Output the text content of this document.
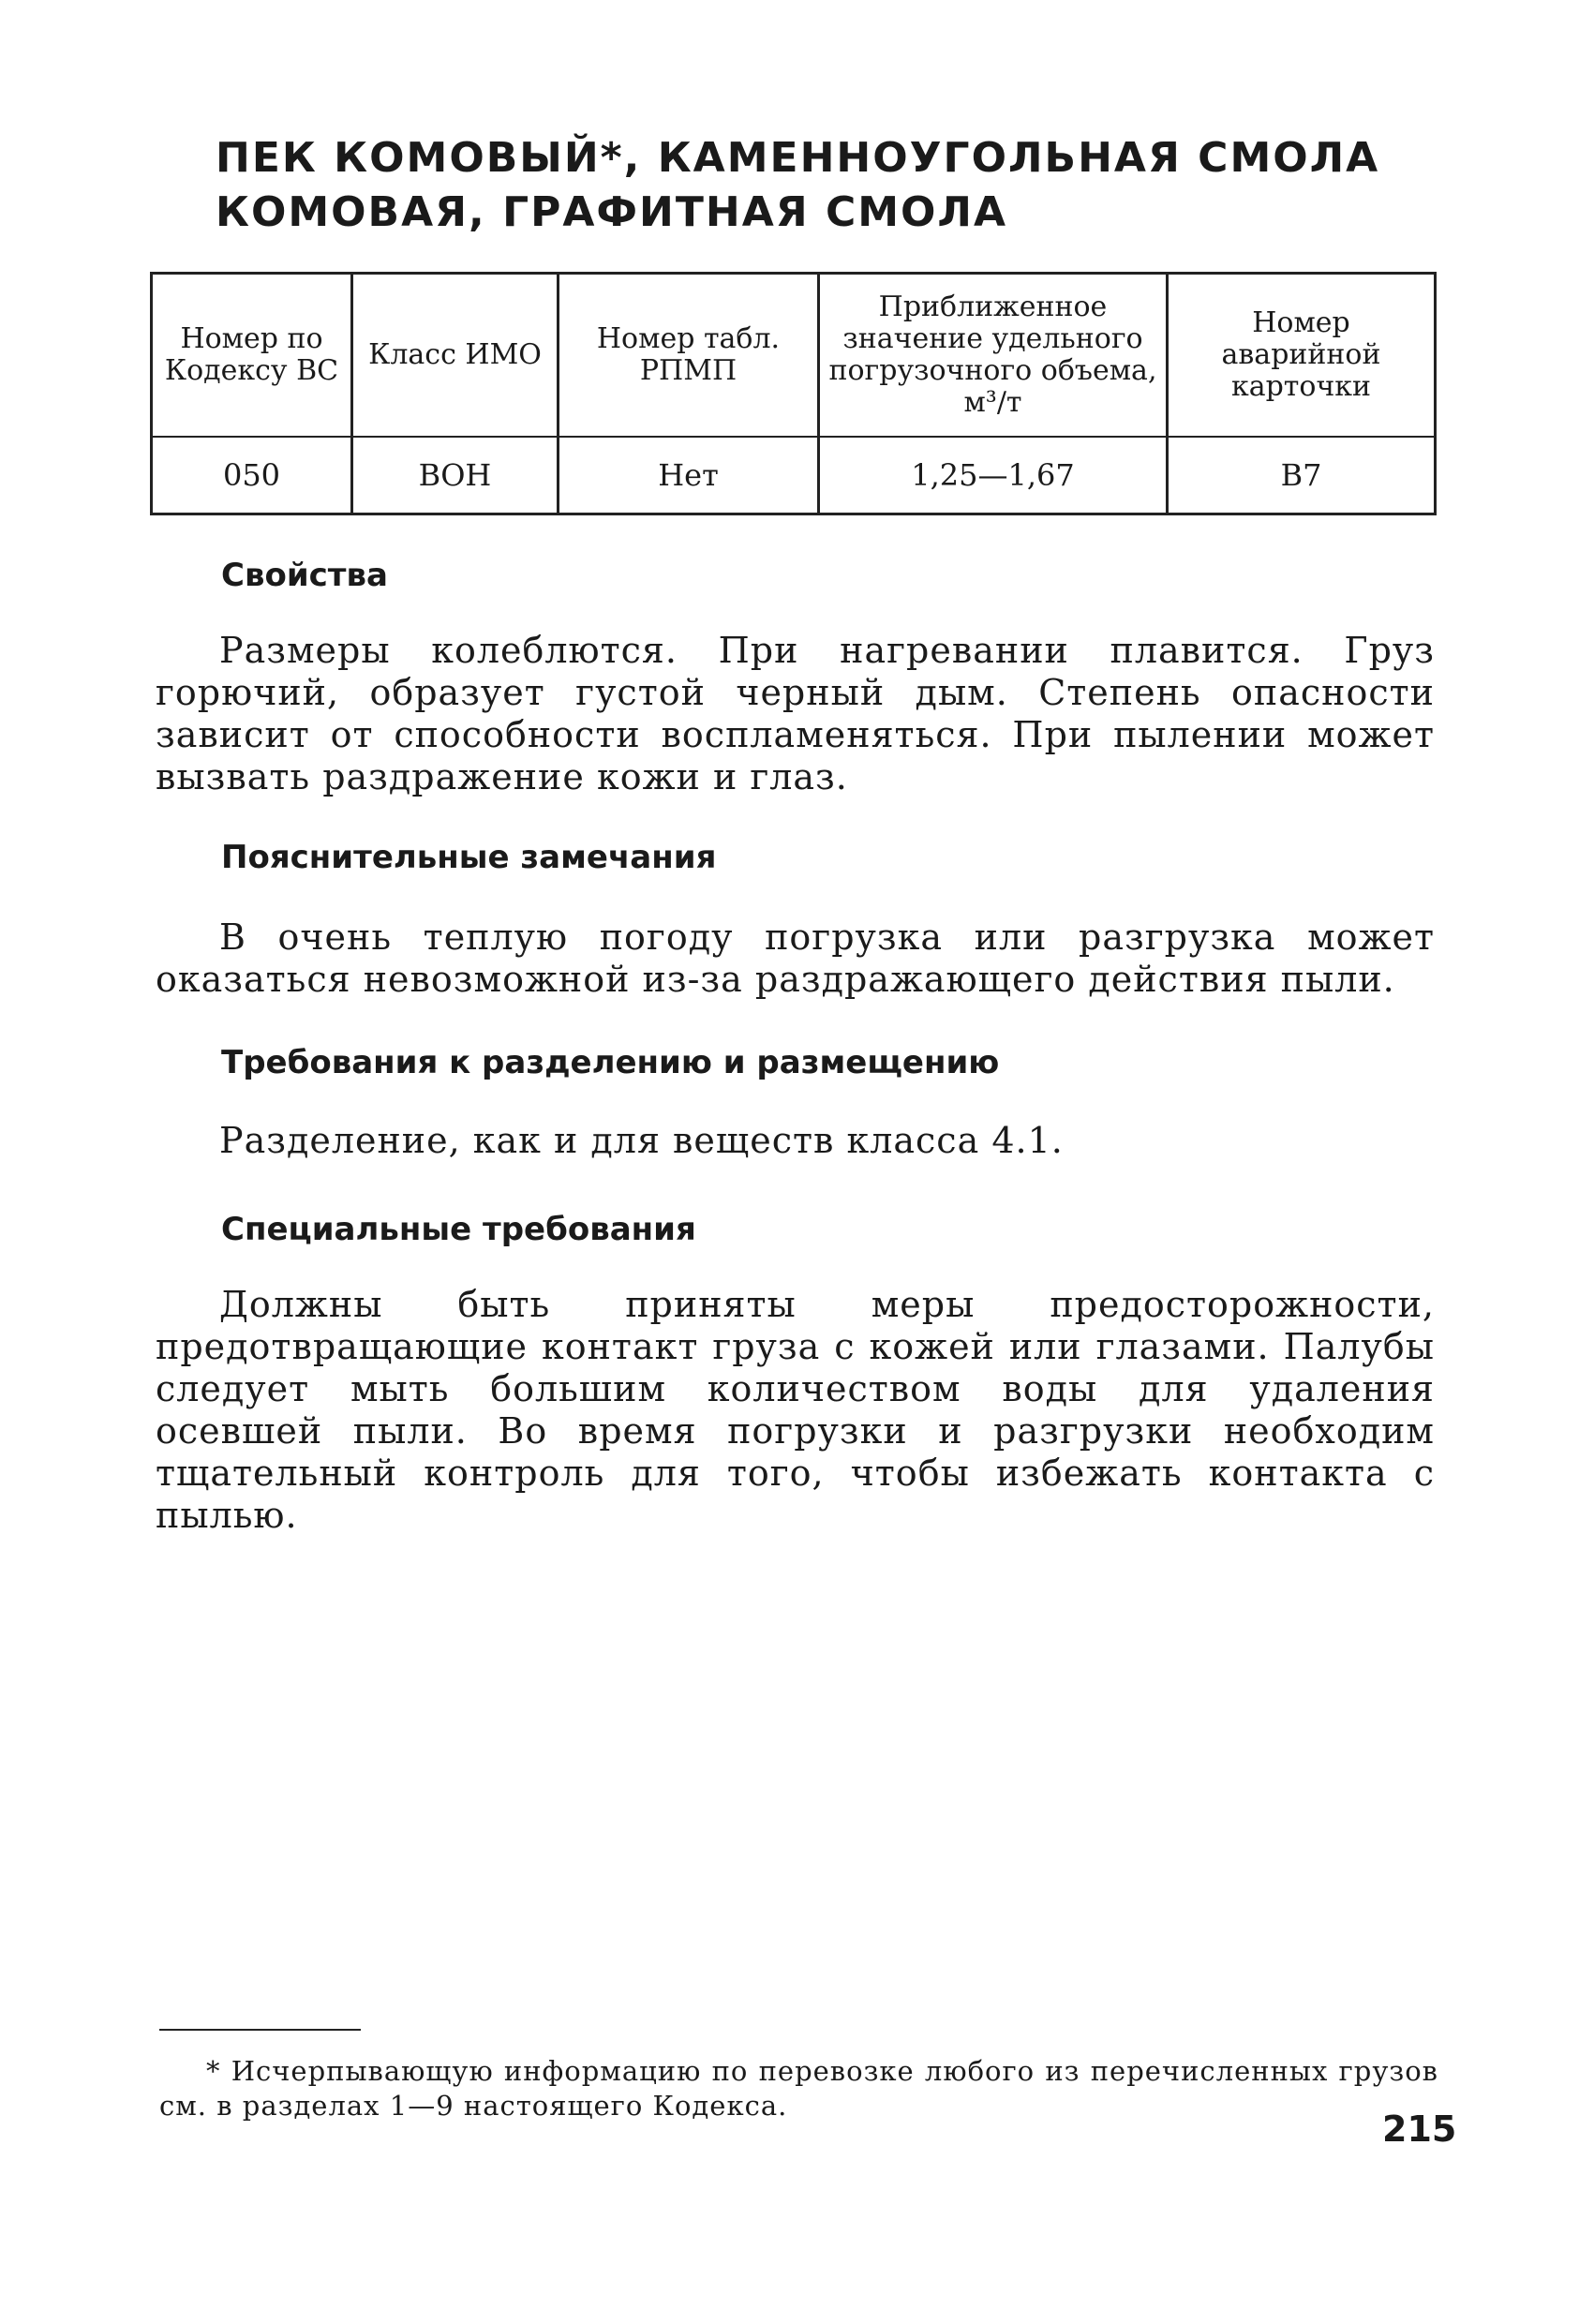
ПЕК КОМОВЫЙ*, КАМЕННОУГОЛЬНАЯ СМОЛА КОМОВАЯ, ГРАФИТНАЯ СМОЛА
Номер по Кодексу ВС	Класс ИМО	Номер табл. РПМП	Приближенное значение удельного погрузочного объема, м³/т	Номер аварийной карточки
050	ВОН	Нет	1,25—1,67	В7
Свойства

Размеры колеблются. При нагревании плавится. Груз горючий, образует густой черный дым. Степень опасности зависит от способности воспламеняться. При пылении может вызвать раздражение кожи и глаз.

Пояснительные замечания

В очень теплую погоду погрузка или разгрузка может оказаться невозможной из-за раздражающего действия пыли.

Требования к разделению и размещению

Разделение, как и для веществ класса 4.1.

Специальные требования

Должны быть приняты меры предосторожности, предотвращающие контакт груза с кожей или глазами. Палубы следует мыть большим количеством воды для удаления осевшей пыли. Во время погрузки и разгрузки необходим тщательный контроль для того, чтобы избежать контакта с пылью.

* Исчерпывающую информацию по перевозке любого из перечисленных грузов см. в разделах 1—9 настоящего Кодекса.

215
